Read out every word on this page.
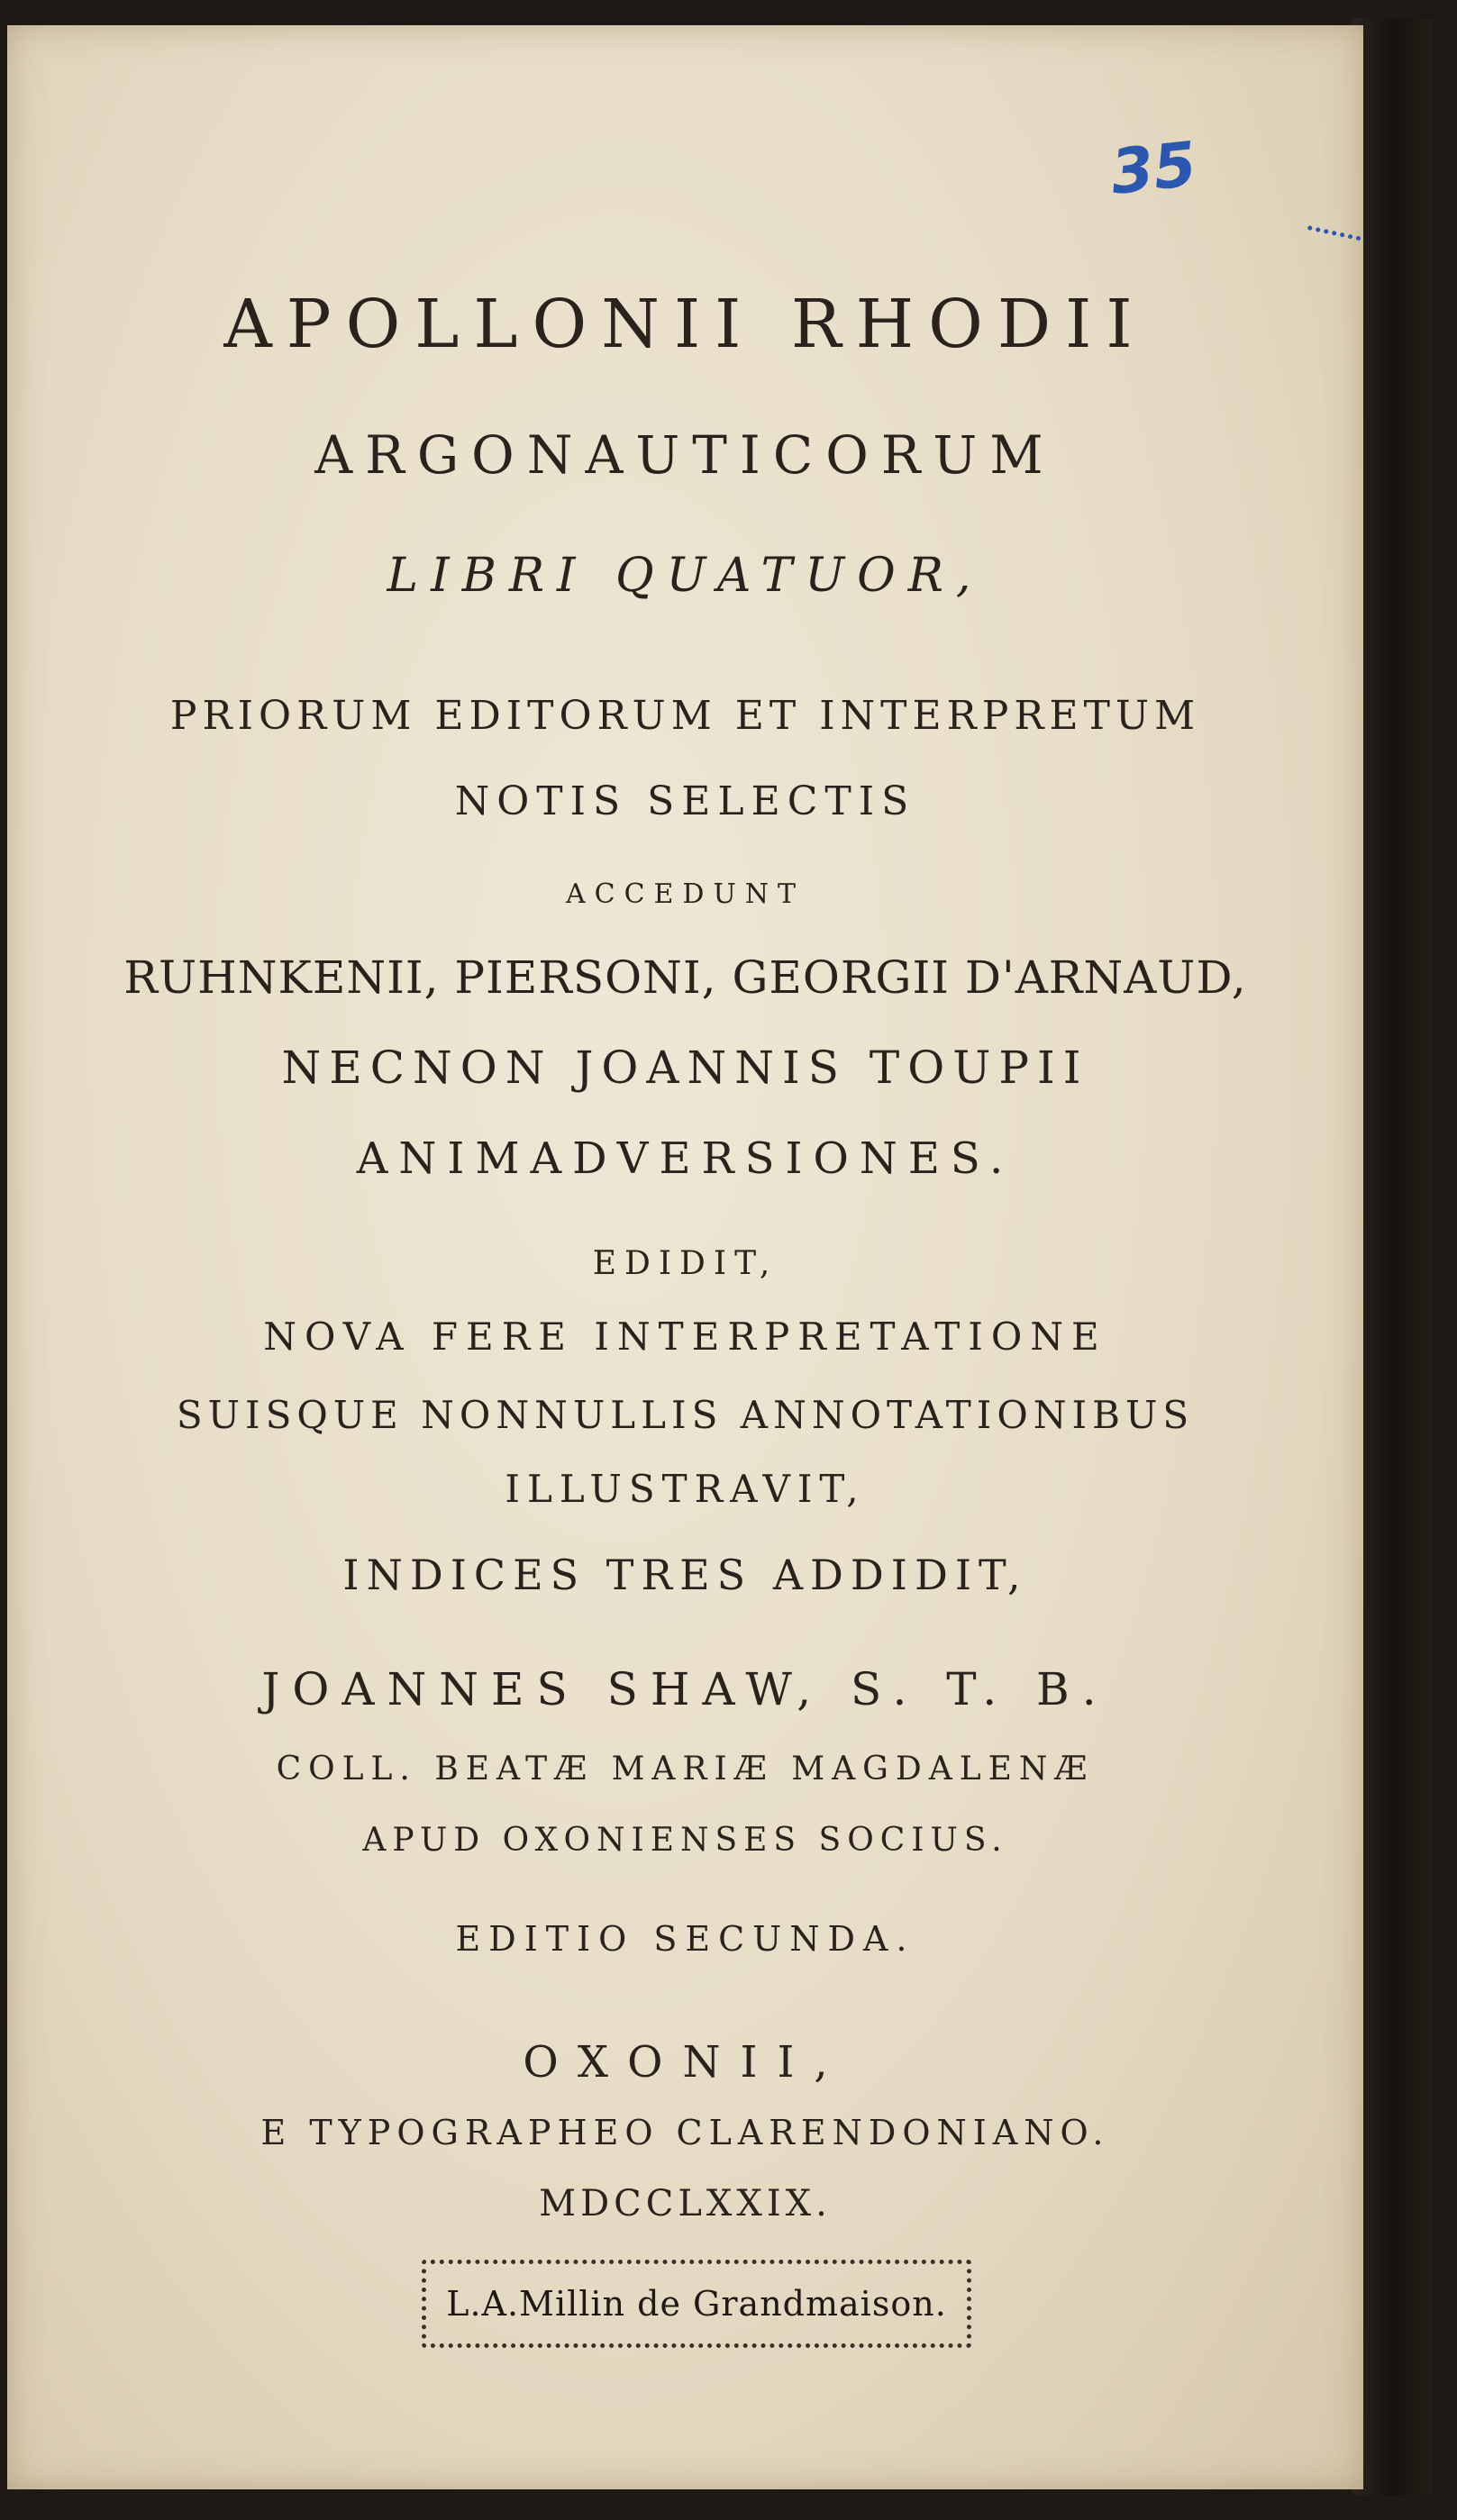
35
APOLLONII RHODII
ARGONAUTICORUM
LIBRI QUATUOR,
PRIORUM EDITORUM ET INTERPRETUM
NOTIS SELECTIS
ACCEDUNT
RUHNKENII, PIERSONI, GEORGII D'ARNAUD,
NECNON JOANNIS TOUPII
ANIMADVERSIONES.
EDIDIT,
NOVA FERE INTERPRETATIONE
SUISQUE NONNULLIS ANNOTATIONIBUS
ILLUSTRAVIT,
INDICES TRES ADDIDIT,
JOANNES SHAW, S. T. B.
COLL. BEATÆ MARIÆ MAGDALENÆ
APUD OXONIENSES SOCIUS.
EDITIO SECUNDA.
OXONII,
E TYPOGRAPHEO CLARENDONIANO.
MDCCLXXIX.
L.A.Millin de Grandmaison.
